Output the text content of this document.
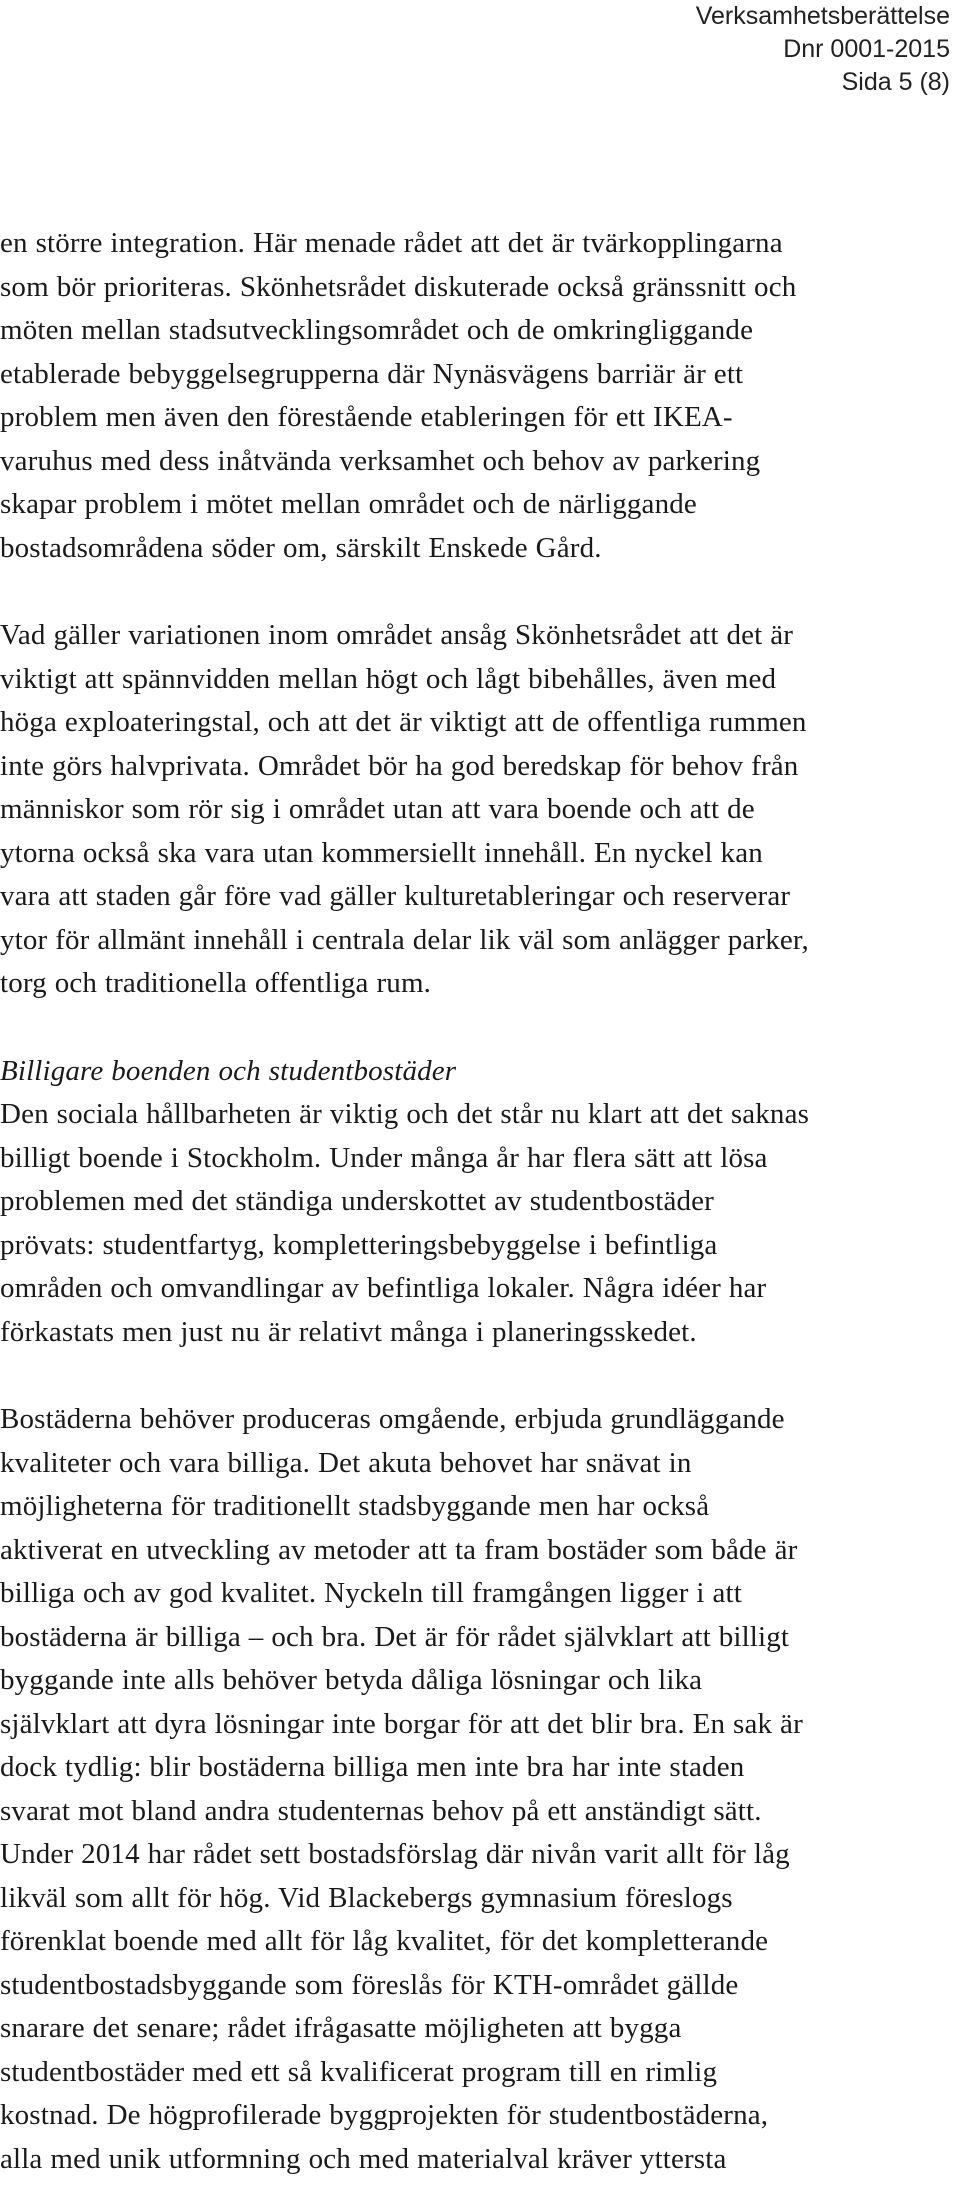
Verksamhetsberättelse
Dnr 0001-2015
Sida 5 (8)
en större integration. Här menade rådet att det är tvärkopplingarna
som bör prioriteras. Skönhetsrådet diskuterade också gränssnitt och
möten mellan stadsutvecklingsområdet och de omkringliggande
etablerade bebyggelsegrupperna där Nynäsvägens barriär är ett
problem men även den förestående etableringen för ett IKEA-
varuhus med dess inåtvända verksamhet och behov av parkering
skapar problem i mötet mellan området och de närliggande
bostadsområdena söder om, särskilt Enskede Gård.
Vad gäller variationen inom området ansåg Skönhetsrådet att det är
viktigt att spännvidden mellan högt och lågt bibehålles, även med
höga exploateringstal, och att det är viktigt att de offentliga rummen
inte görs halvprivata. Området bör ha god beredskap för behov från
människor som rör sig i området utan att vara boende och att de
ytorna också ska vara utan kommersiellt innehåll. En nyckel kan
vara att staden går före vad gäller kulturetableringar och reserverar
ytor för allmänt innehåll i centrala delar lik väl som anlägger parker,
torg och traditionella offentliga rum.
Billigare boenden och studentbostäder
Den sociala hållbarheten är viktig och det står nu klart att det saknas
billigt boende i Stockholm. Under många år har flera sätt att lösa
problemen med det ständiga underskottet av studentbostäder
prövats: studentfartyg, kompletteringsbebyggelse i befintliga
områden och omvandlingar av befintliga lokaler. Några idéer har
förkastats men just nu är relativt många i planeringsskedet.
Bostäderna behöver produceras omgående, erbjuda grundläggande
kvaliteter och vara billiga. Det akuta behovet har snävat in
möjligheterna för traditionellt stadsbyggande men har också
aktiverat en utveckling av metoder att ta fram bostäder som både är
billiga och av god kvalitet. Nyckeln till framgången ligger i att
bostäderna är billiga – och bra. Det är för rådet självklart att billigt
byggande inte alls behöver betyda dåliga lösningar och lika
självklart att dyra lösningar inte borgar för att det blir bra. En sak är
dock tydlig: blir bostäderna billiga men inte bra har inte staden
svarat mot bland andra studenternas behov på ett anständigt sätt.
Under 2014 har rådet sett bostadsförslag där nivån varit allt för låg
likväl som allt för hög. Vid Blackebergs gymnasium föreslogs
förenklat boende med allt för låg kvalitet, för det kompletterande
studentbostadsbyggande som föreslås för KTH-området gällde
snarare det senare; rådet ifrågasatte möjligheten att bygga
studentbostäder med ett så kvalificerat program till en rimlig
kostnad. De högprofilerade byggprojekten för studentbostäderna,
alla med unik utformning och med materialval kräver yttersta
